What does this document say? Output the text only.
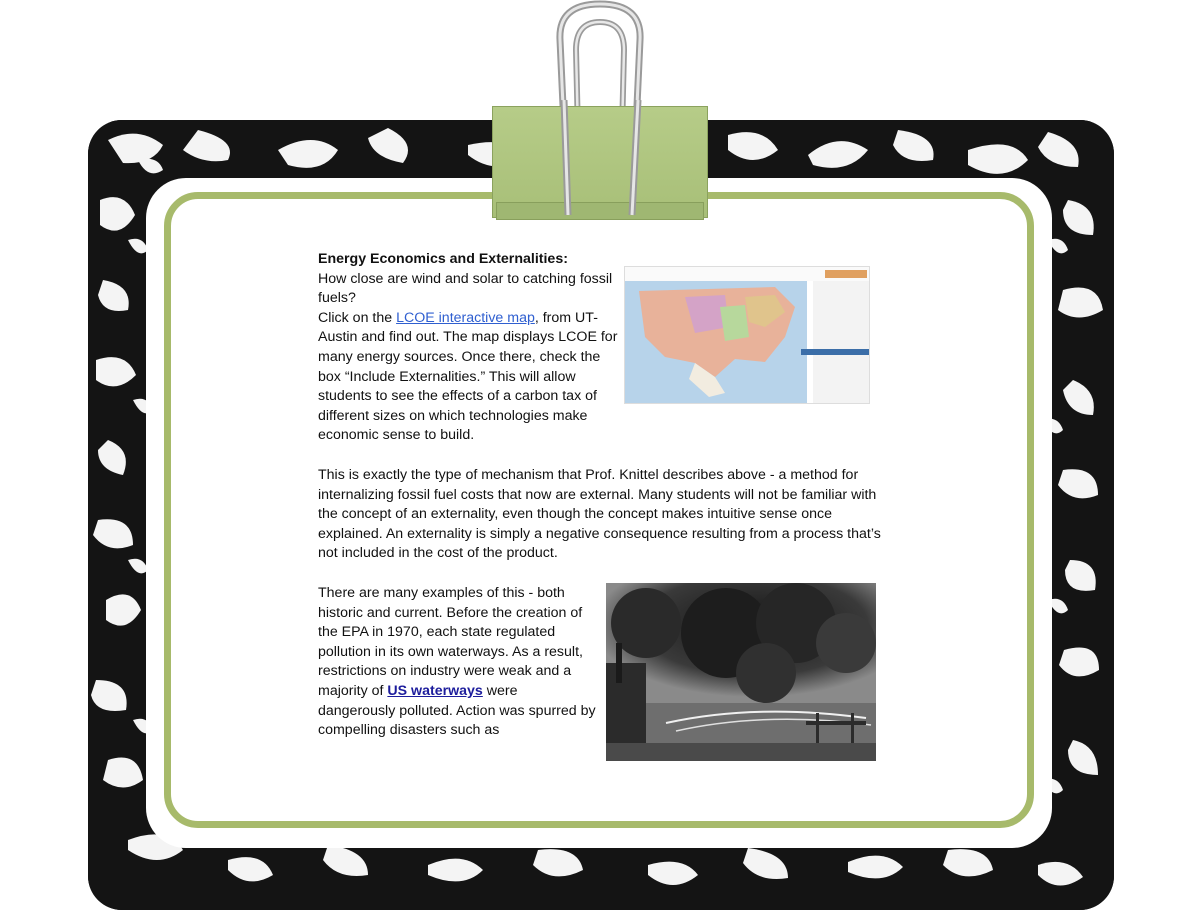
Energy Economics and Externalities:
How close are wind and solar to catching fossil fuels?
Click on the LCOE interactive map, from UT-Austin and find out. The map displays LCOE for many energy sources. Once there, check the box “Include Externalities.” This will allow students to see the effects of a carbon tax of different sizes on which technologies make economic sense to build.
This is exactly the type of mechanism that Prof. Knittel describes above - a method for internalizing fossil fuel costs that now are external. Many students will not be familiar with the concept of an externality, even though the concept makes intuitive sense once explained. An externality is simply a negative consequence resulting from a process that’s not included in the cost of the product.
There are many examples of this - both historic and current. Before the creation of the EPA in 1970, each state regulated pollution in its own waterways. As a result, restrictions on industry were weak and a majority of US waterways were dangerously polluted. Action was spurred by compelling disasters such as
